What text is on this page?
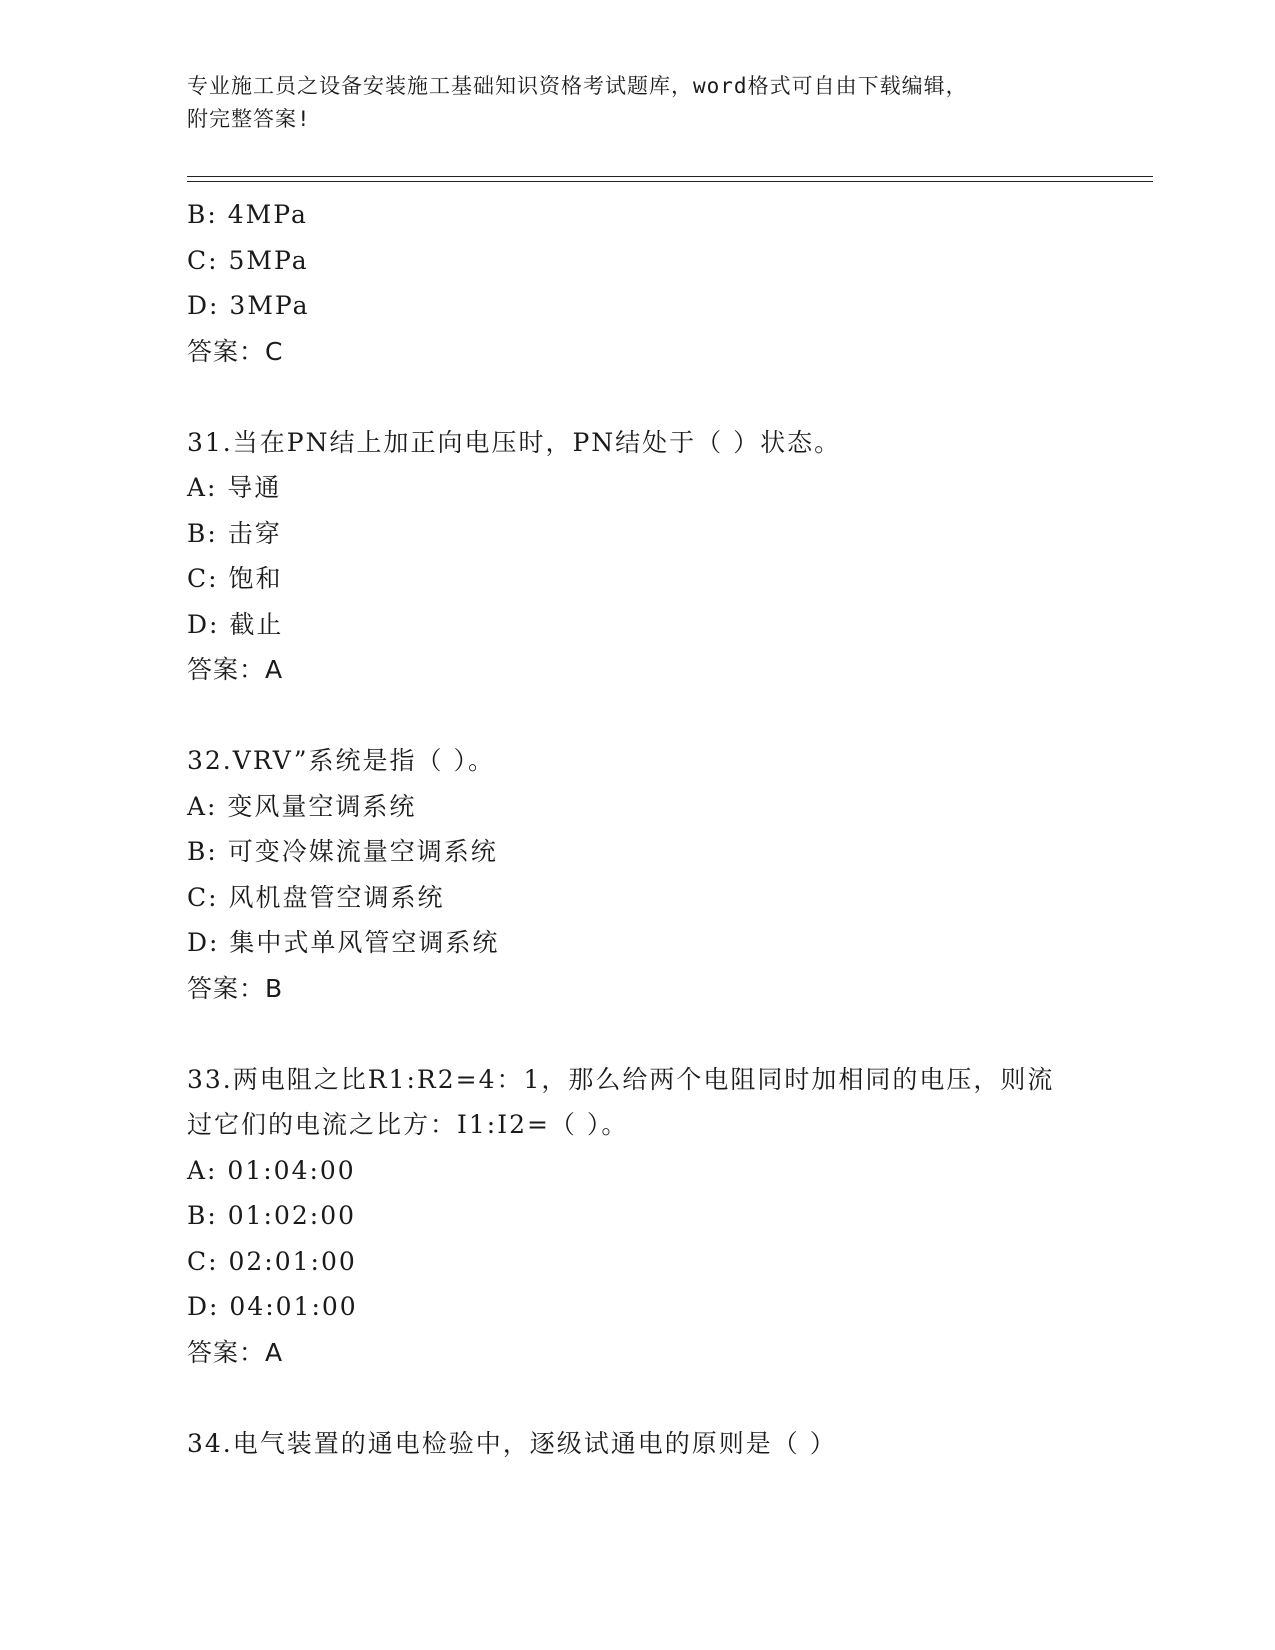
专业施工员之设备安装施工基础知识资格考试题库，word格式可自由下载编辑，
附完整答案!
B: 4MPa
C: 5MPa
D: 3MPa
答案：C
31.当在PN结上加正向电压时，PN结处于（ ）状态。
A: 导通
B: 击穿
C: 饱和
D: 截止
答案：A
32.VRV”系统是指（ ）。
A: 变风量空调系统
B: 可变冷媒流量空调系统
C: 风机盘管空调系统
D: 集中式单风管空调系统
答案：B
33.两电阻之比R1:R2=4：1，那么给两个电阻同时加相同的电压，则流
过它们的电流之比方：I1:I2=（ ）。
A: 01:04:00
B: 01:02:00
C: 02:01:00
D: 04:01:00
答案：A
34.电气装置的通电检验中，逐级试通电的原则是（ ）
